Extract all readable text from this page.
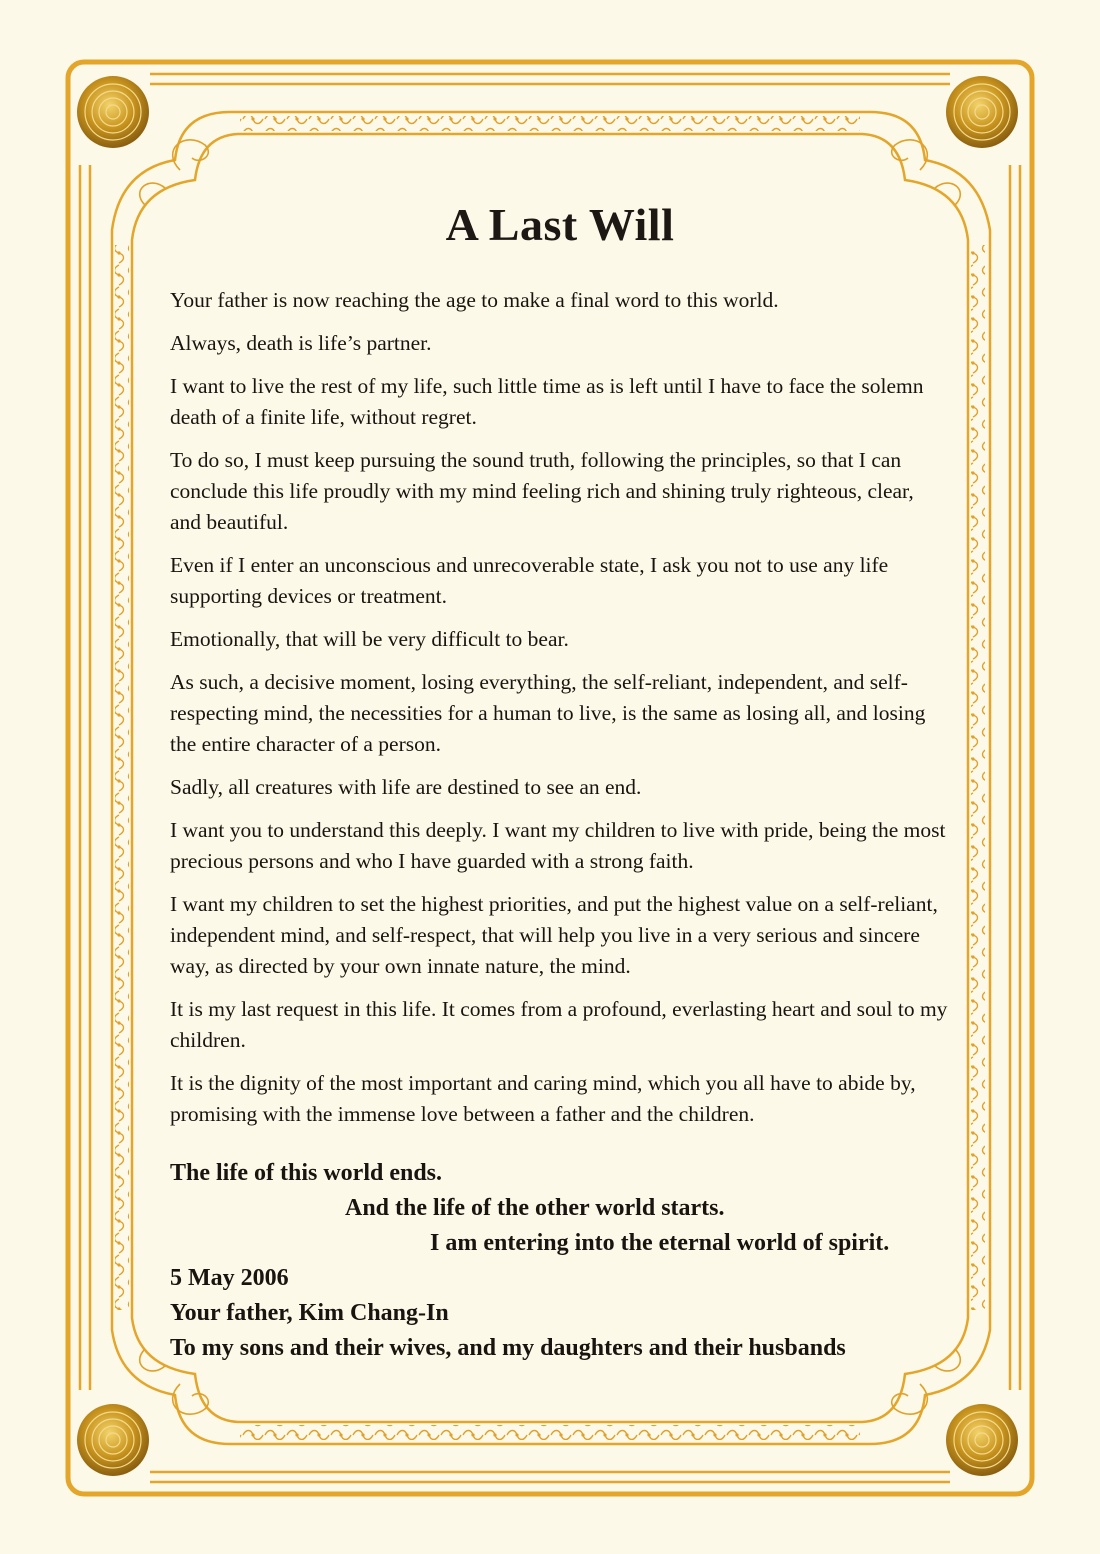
A Last Will

Your father is now reaching the age to make a final word to this world.

Always, death is life’s partner.

I want to live the rest of my life, such little time as is left until I have to face the solemn death of a finite life, without regret.

To do so, I must keep pursuing the sound truth, following the principles, so that I can conclude this life proudly with my mind feeling rich and shining truly righteous, clear, and beautiful.

Even if I enter an unconscious and unrecoverable state, I ask you not to use any life supporting devices or treatment.

Emotionally, that will be very difficult to bear.

As such, a decisive moment, losing everything, the self-reliant, independent, and self-respecting mind, the necessities for a human to live, is the same as losing all, and losing the entire character of a person.

Sadly, all creatures with life are destined to see an end.

I want you to understand this deeply. I want my children to live with pride, being the most precious persons and who I have guarded with a strong faith.

I want my children to set the highest priorities, and put the highest value on a self-reliant, independent mind, and self-respect, that will help you live in a very serious and sincere way, as directed by your own innate nature, the mind.

It is my last request in this life. It comes from a profound, everlasting heart and soul to my children.

It is the dignity of the most important and caring mind, which you all have to abide by, promising with the immense love between a father and the children.

The life of this world ends.
And the life of the other world starts.
I am entering into the eternal world of spirit.
5 May 2006
Your father, Kim Chang-In
To my sons and their wives, and my daughters and their husbands
